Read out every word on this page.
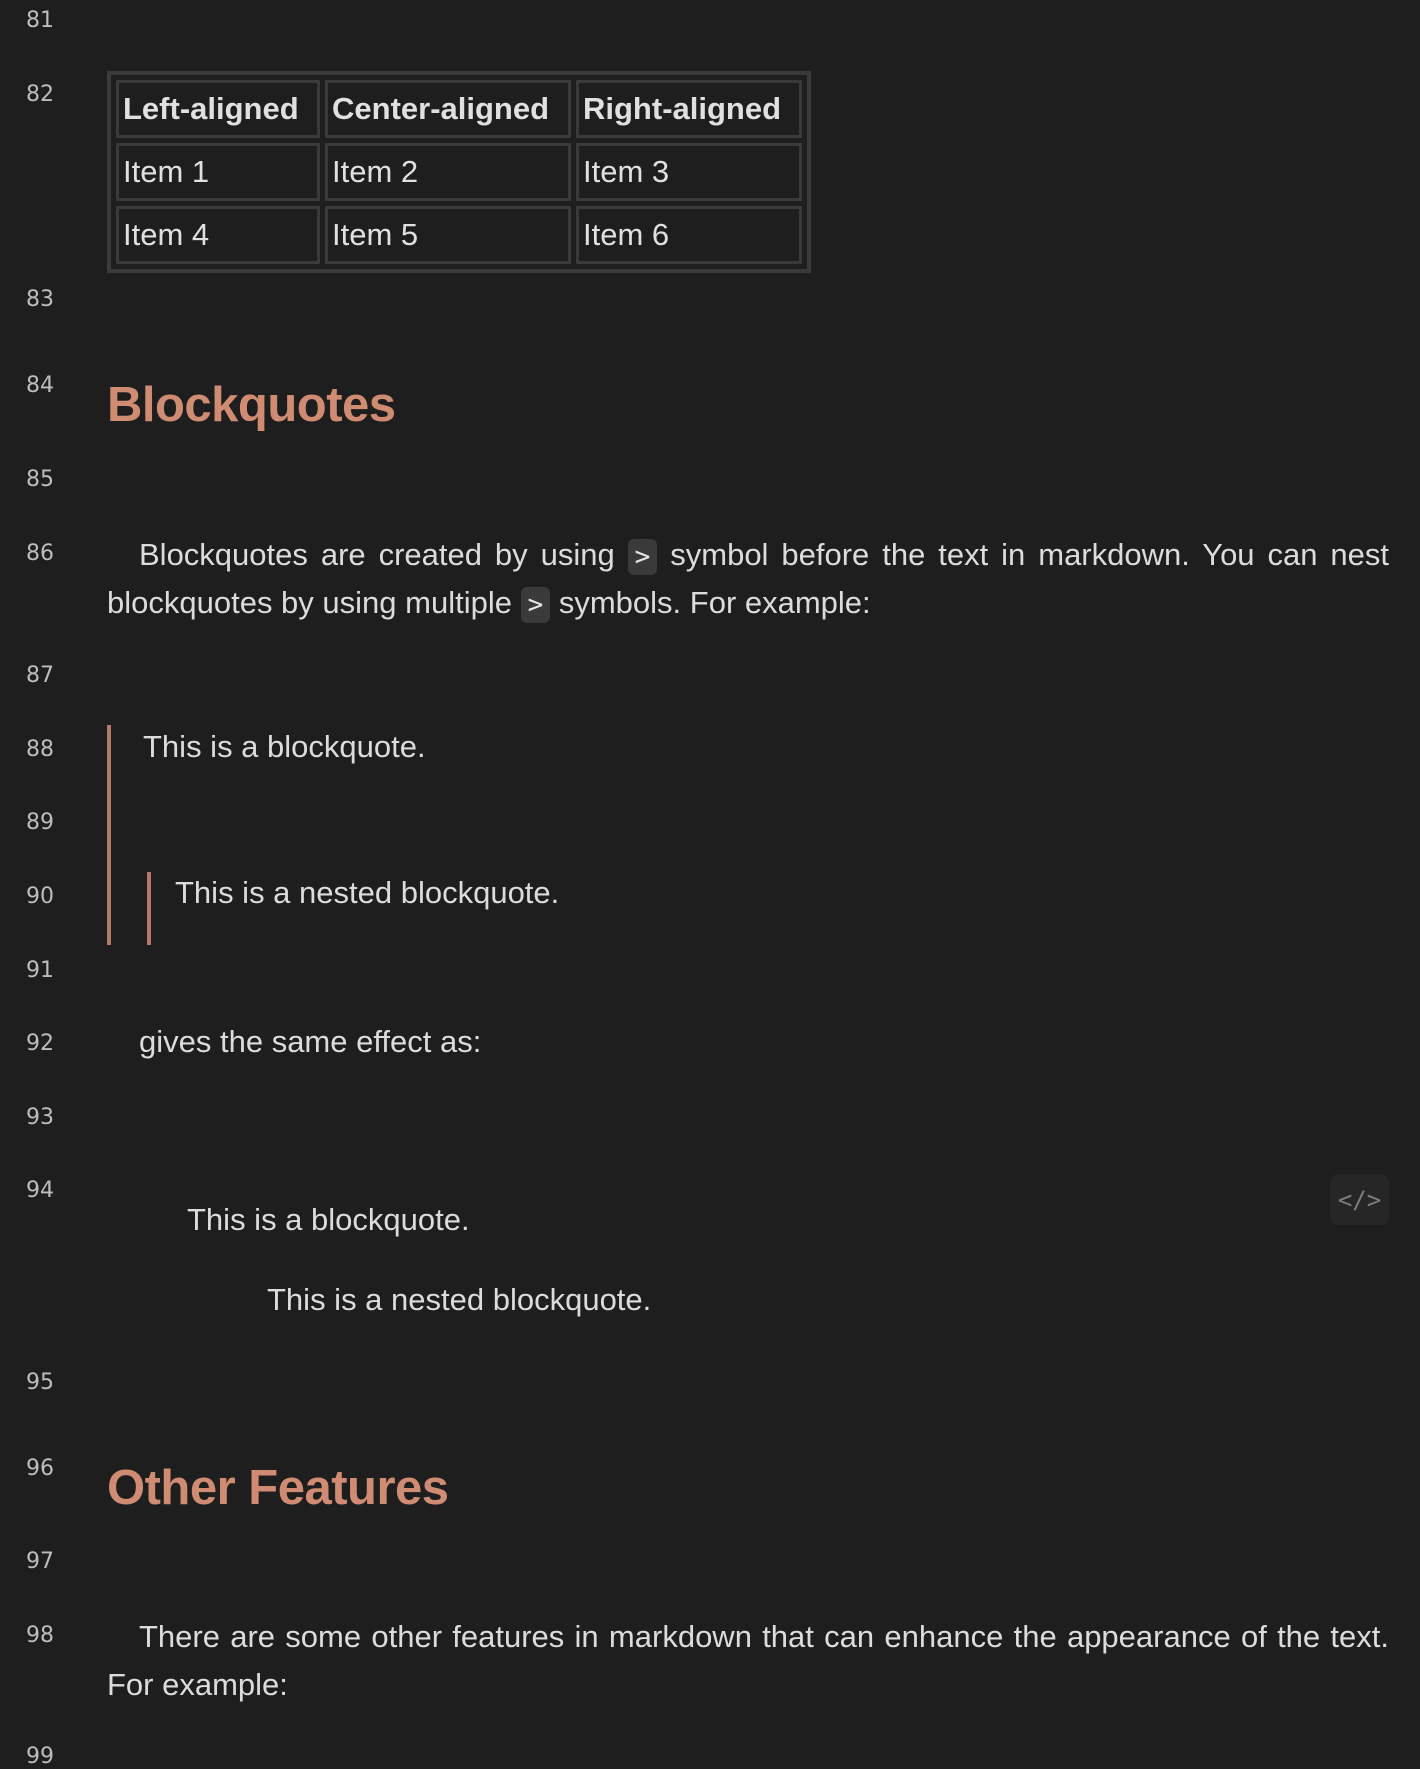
81
82
83
84
85
86
87
88
89
90
91
92
93
94
95
96
97
98
99
Left-aligned	Center-aligned	Right-aligned
Item 1	Item 2	Item 3
Item 4	Item 5	Item 6
Blockquotes
Blockquotes are created by using > symbol before the text in markdown. You can nest blockquotes by using multiple > symbols. For example:
This is a blockquote.
This is a nested blockquote.
gives the same effect as:
This is a blockquote.
This is a nested blockquote.
</>
Other Features
There are some other features in markdown that can enhance the appearance of the text. For example:
